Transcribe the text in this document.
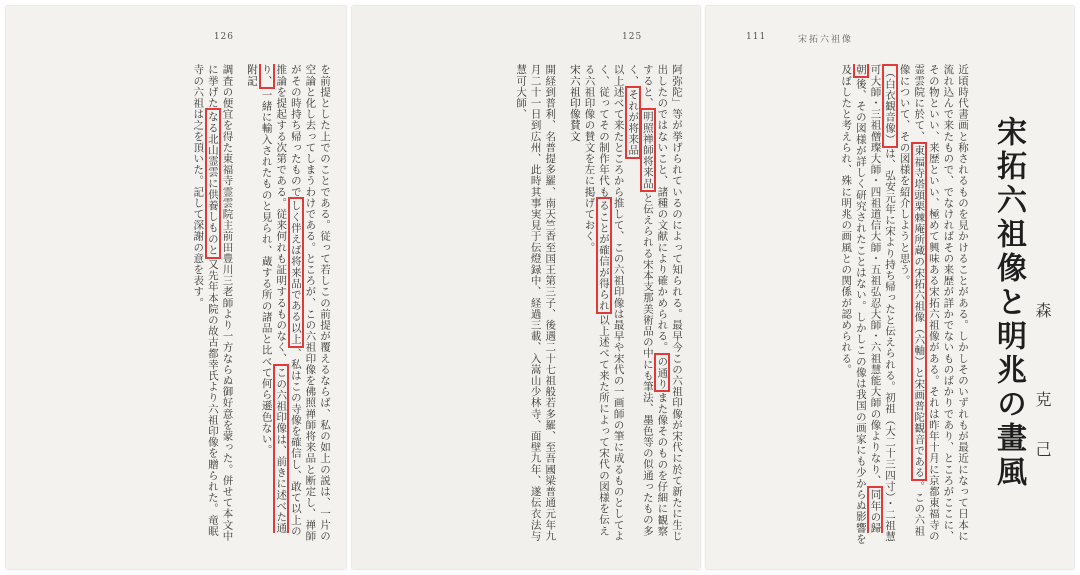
126

を前提とした上でのことである。従って若しこの前提が覆えるならば、私の如上の説は、一片の空論と化し去ってしまうわけである。ところが、この六祖印像を佛照禅師将来品と断定し、禅師がその時持ち帰ったものでしく伴えば将来品である以上、私はこの寺像を確信し、敢て以上の推論を提起する次第である。従来何れも証明するものなく、この六祖印像は、前きに述べた通り、一緒に輸入されたものと見られ、蔵する所の諸品と比べて何ら遜色ない。

附記

調査の便宜を得た東福寺霊雲院主前田豊川三老師より一方ならぬ御好意を蒙った。併せて本文中に挙げたなる北山霊雲に供養しものと又先年本院の故古都幸氏より六祖印像を贈られた。竜眠寺の六祖は之を頂いた。記して深謝の意を表す。

125

阿弥陀」等が挙げられているのによって知られる。最早今この六祖印像が宋代に於て新たに生じ出したのではないこと、諸種の文献により確かめられる。の通りまた像そのものを仔細に観察すると、明照禅師将来品と伝えられる宋本支那美術品の中にも筆法、墨色等の似通ったもの多く、それが将来品

以上述べて来たところから推して、この六祖印像は最早や宋代の一画師の筆に成るものとしてよく、従ってその制作年代もることが確信が得られ以上述べて来た所によって宋代の図様を伝える六祖印像の賛文を左に掲げておく。

宋六祖印像賛文

開経到普利、名普提多羅、南天竺香至国王第三子、後遇二十七祖般若多羅、至吾國梁普通元年九月二十一日到広州、此時其事実見于伝燈録中、経過三載、入嵩山少林寺、面壁九年、遂伝衣法与慧可大師、

111	宋拓六祖像
宋拓六祖像と明兆の畫風 森 克己

近頃時代書画と称されるものを見かけることがある。しかしそのいずれもが最近になって日本に流れ込んで来たもので、でなければその来歴が詳かでないものばかりであり、ところがここに、その物といい、来歴といい、極めて興味ある宋拓六祖像がある。それは昨年十月に京都東福寺の霊雲院に於て、東福寺塔頭栗棘庵所蔵の宋拓六祖像（六軸）と宋画普陀観音である。この六祖像について、その図様を紹介しようと思う。

（白衣観音像）は、弘安元年に宋より持ち帰ったと伝えられる。初祖（大二十三四寸）・二祖慧可大師・三祖僧璨大師・四祖道信大師・五祖弘忍大師・六祖慧能大師の像よりなり、同年の歸朝後、その図様が詳しく研究されたことはない。しかしこの像は我国の画家にも少からぬ影響を及ぼしたと考えられ、殊に明兆の画風との関係が認められる。
